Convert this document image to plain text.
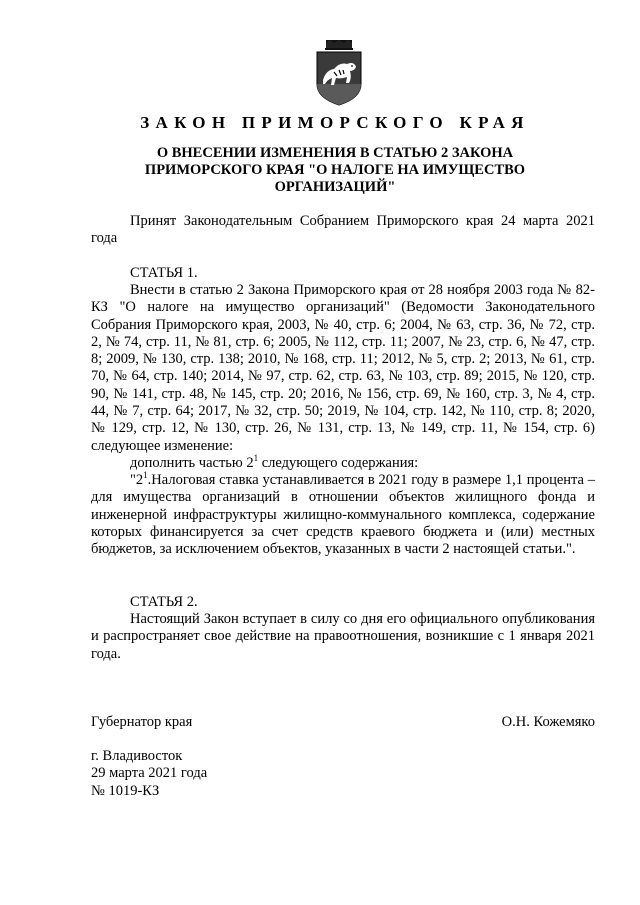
ЗАКОН ПРИМОРСКОГО КРАЯ
О ВНЕСЕНИИ ИЗМЕНЕНИЯ В СТАТЬЮ 2 ЗАКОНА ПРИМОРСКОГО КРАЯ "О НАЛОГЕ НА ИМУЩЕСТВО ОРГАНИЗАЦИЙ"

Принят Законодательным Собранием Приморского края 24 марта 2021 года

СТАТЬЯ 1.

Внести в статью 2 Закона Приморского края от 28 ноября 2003 года № 82-КЗ "О налоге на имущество организаций" (Ведомости Законодательного Собрания Приморского края, 2003, № 40, стр. 6; 2004, № 63, стр. 36, № 72, стр. 2, № 74, стр. 11, № 81, стр. 6; 2005, № 112, стр. 11; 2007, № 23, стр. 6, № 47, стр. 8; 2009, № 130, стр. 138; 2010, № 168, стр. 11; 2012, № 5, стр. 2; 2013, № 61, стр. 70, № 64, стр. 140; 2014, № 97, стр. 62, стр. 63, № 103, стр. 89; 2015, № 120, стр. 90, № 141, стр. 48, № 145, стр. 20; 2016, № 156, стр. 69, № 160, стр. 3, № 4, стр. 44, № 7, стр. 64; 2017, № 32, стр. 50; 2019, № 104, стр. 142, № 110, стр. 8; 2020, № 129, стр. 12, № 130, стр. 26, № 131, стр. 13, № 149, стр. 11, № 154, стр. 6) следующее изменение:

дополнить частью $2^1$ следующего содержания:

"$2^1.Налоговая$ ставка устанавливается в 2021 году в размере 1,1 процента – для имущества организаций в отношении объектов жилищного фонда и инженерной инфраструктуры жилищно-коммунального комплекса, содержание которых финансируется за счет средств краевого бюджета и (или) местных бюджетов, за исключением объектов, указанных в части 2 настоящей статьи.".

СТАТЬЯ 2.

Настоящий Закон вступает в силу со дня его официального опубликования и распространяет свое действие на правоотношения, возникшие с 1 января 2021 года.

Губернатор края	О.Н. Кожемяко
г. Владивосток
29 марта 2021 года
№ 1019-КЗ
